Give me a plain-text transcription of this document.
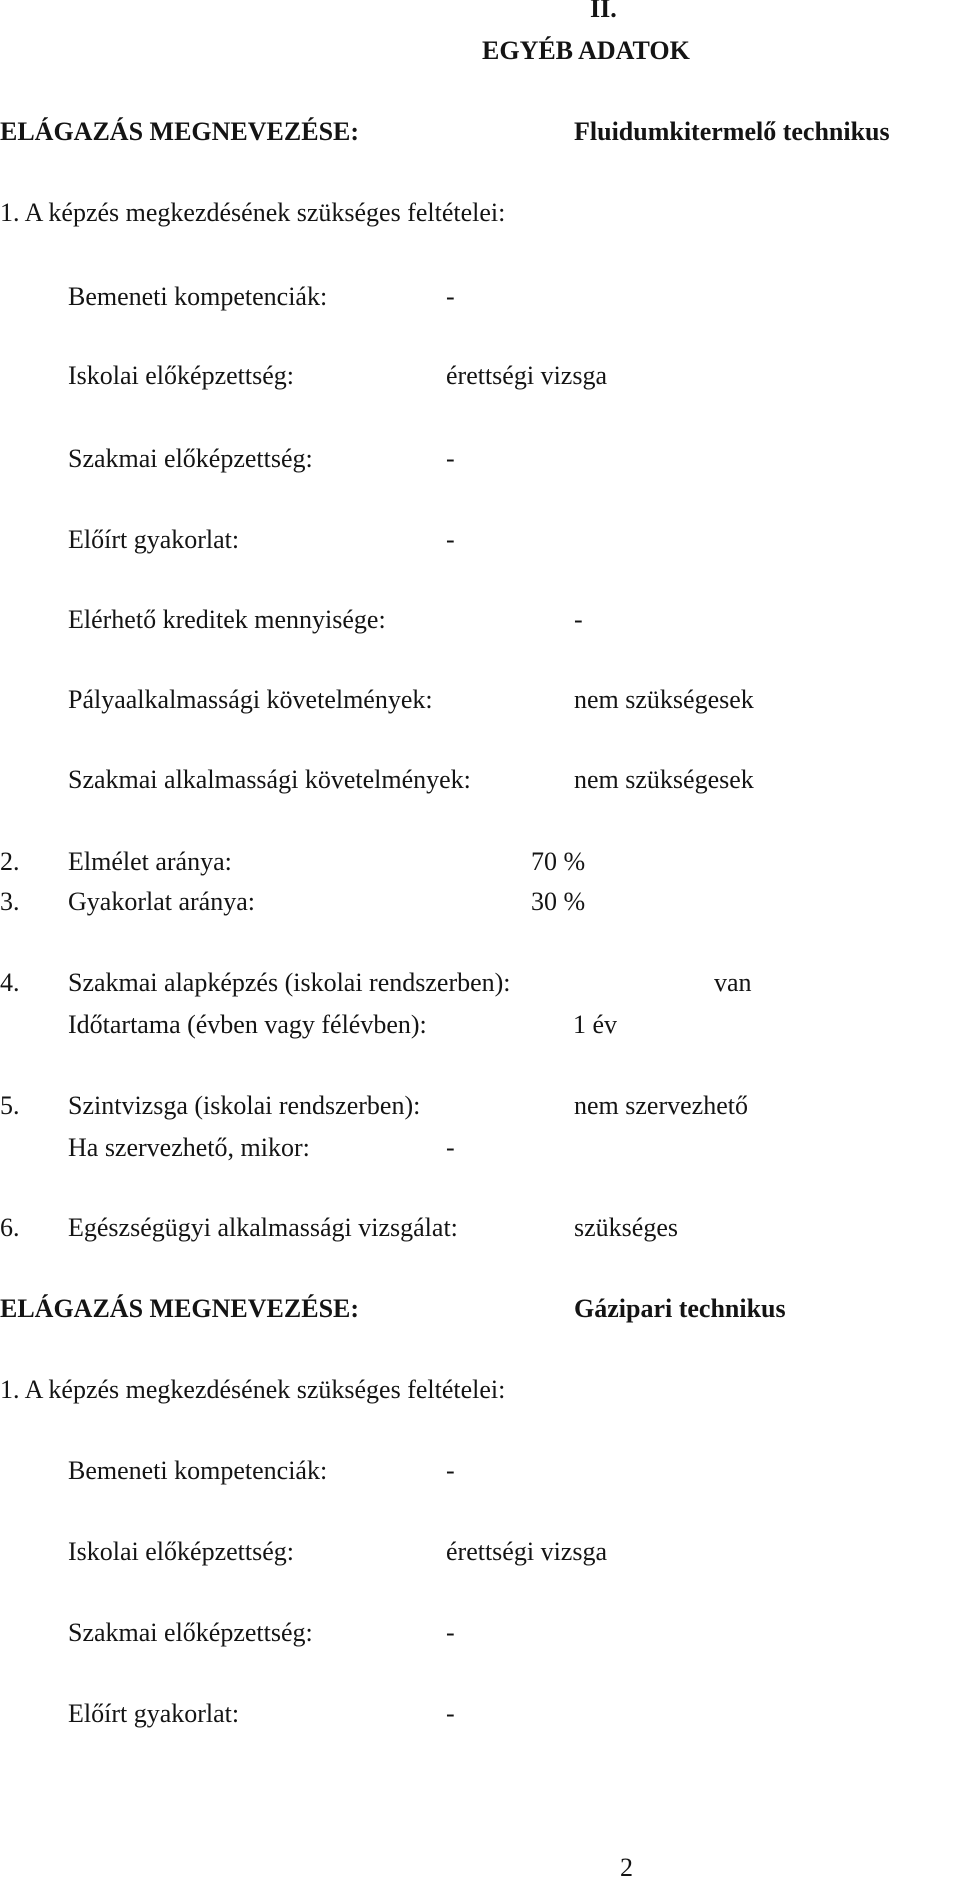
II.
EGYÉB ADATOK
ELÁGAZÁS MEGNEVEZÉSE:	Fluidumkitermelő technikus
1. A képzés megkezdésének szükséges feltételei:
Bemeneti kompetenciák:	-
Iskolai előképzettség:	érettségi vizsga
Szakmai előképzettség:	-
Előírt gyakorlat:	-
Elérhető kreditek mennyisége:	-
Pályaalkalmassági követelmények:	nem szükségesek
Szakmai alkalmassági követelmények:	nem szükségesek
2. Elmélet aránya:	70 %
3. Gyakorlat aránya:	30 %
4. Szakmai alapképzés (iskolai rendszerben):	van
Időtartama (évben vagy félévben):	1 év
5. Szintvizsga (iskolai rendszerben):	nem szervezhető
Ha szervezhető, mikor:	-
6. Egészségügyi alkalmassági vizsgálat:	szükséges
ELÁGAZÁS MEGNEVEZÉSE:	Gázipari technikus
1. A képzés megkezdésének szükséges feltételei:
Bemeneti kompetenciák:	-
Iskolai előképzettség:	érettségi vizsga
Szakmai előképzettség:	-
Előírt gyakorlat:	-
2
